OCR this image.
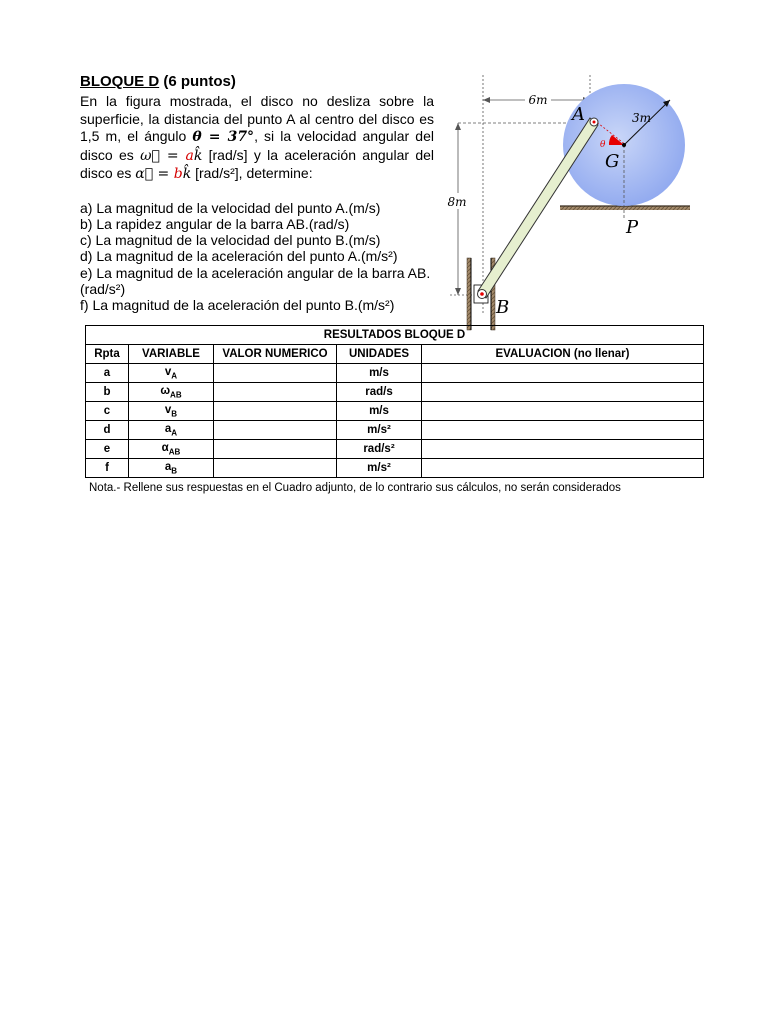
BLOQUE D (6 puntos)
En la figura mostrada, el disco no desliza sobre la superficie, la distancia del punto A al centro del disco es 1,5 m, el ángulo θ = 37°, si la velocidad angular del disco es ω⃗ = ak̂ [rad/s] y la aceleración angular del disco es α⃗ = bk̂ [rad/s²], determine:
a) La magnitud de la velocidad del punto A.(m/s)
b) La rapidez angular de la barra AB.(rad/s)
c) La magnitud de la velocidad del punto B.(m/s)
d) La magnitud de la aceleración del punto A.(m/s²)
e) La magnitud de la aceleración angular de la barra AB.(rad/s²)
f) La magnitud de la aceleración del punto B.(m/s²)
6m
8m
θ
3m
G
A
P
B
RESULTADOS BLOQUE D				
Rpta	VARIABLE	VALOR NUMERICO	UNIDADES	EVALUACION (no llenar)
a	$v_A$		m/s	
b	$\omega_{AB}$		rad/s	
c	$v_B$		m/s	
d	$a_A$		m/s²	
e	$\alpha_{AB}$		rad/s²	
f	$a_B$		m/s²	
Nota.- Rellene sus respuestas en el Cuadro adjunto, de lo contrario sus cálculos, no serán considerados
